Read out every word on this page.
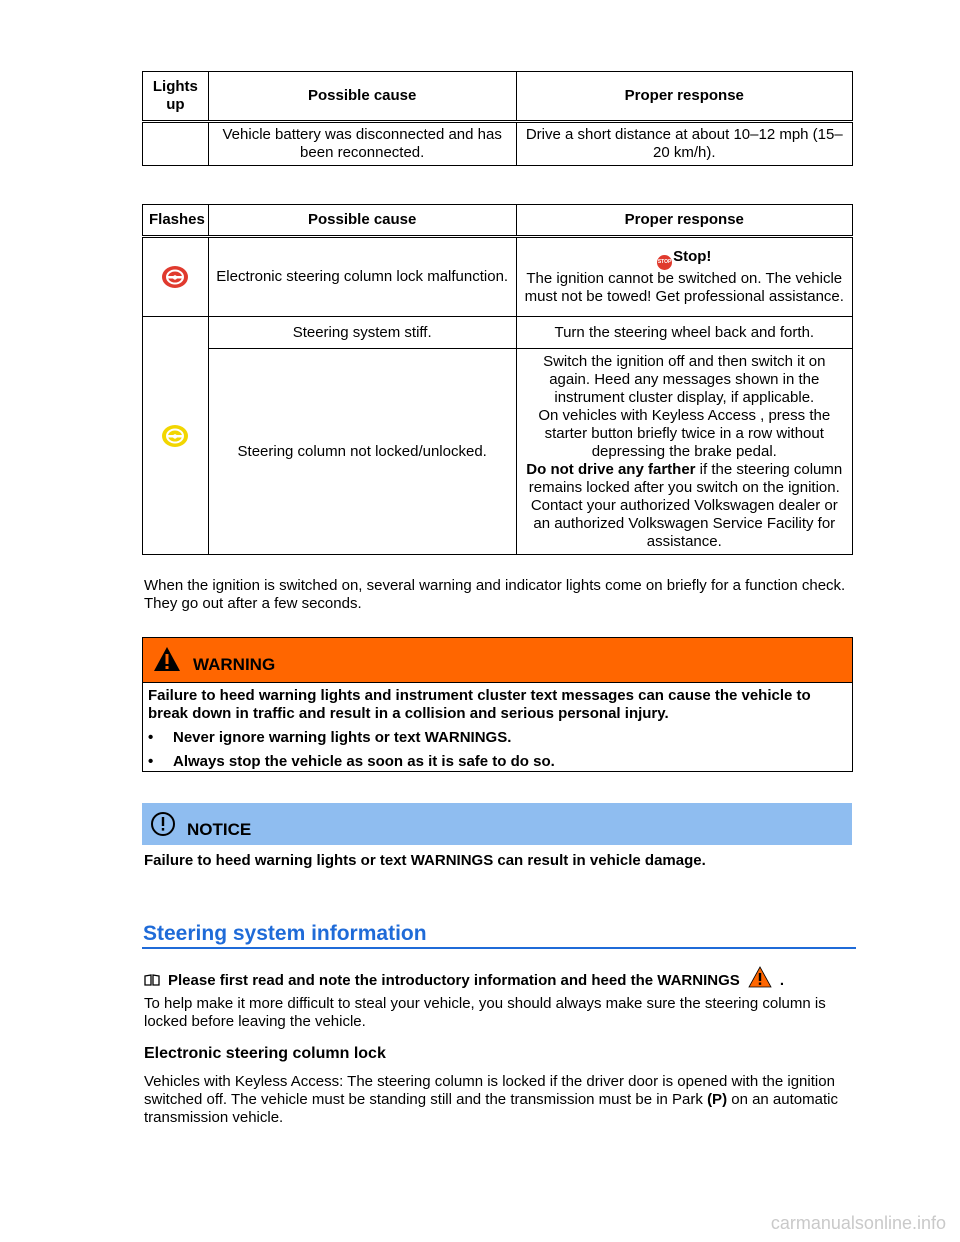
Lights up	Possible cause	Proper response
	Vehicle battery was disconnected and has been reconnected.	Drive a short distance at about 10–12 mph (15–20 km/h).
Flashes	Possible cause	Proper response

	Electronic steering column lock malfunction.	STOP Stop!
The ignition cannot be switched on. The vehicle must not be towed! Get professional assistance.

	Steering system stiff.	Turn the steering wheel back and forth.
	Steering column not locked/unlocked.	Switch the ignition off and then switch it on again. Heed any messages shown in the instrument cluster display, if applicable.
On vehicles with Keyless Access , press the starter button briefly twice in a row without depressing the brake pedal.
Do not drive any farther if the steering column remains locked after you switch on the ignition. Contact your authorized Volkswagen dealer or an authorized Volkswagen Service Facility for assistance.
When the ignition is switched on, several warning and indicator lights come on briefly for a function check. They go out after a few seconds.
WARNING
Failure to heed warning lights and instrument cluster text messages can cause the vehicle to break down in traffic and result in a collision and serious personal injury.
• Never ignore warning lights or text WARNINGS.
• Always stop the vehicle as soon as it is safe to do so.
NOTICE
Failure to heed warning lights or text WARNINGS can result in vehicle damage.
Steering system information
Please first read and note the introductory information and heed the WARNINGS	.
To help make it more difficult to steal your vehicle, you should always make sure the steering column is locked before leaving the vehicle.
Electronic steering column lock
Vehicles with Keyless Access: The steering column is locked if the driver door is opened with the ignition switched off. The vehicle must be standing still and the transmission must be in Park (P) on an automatic transmission vehicle.
carmanualsonline.info
